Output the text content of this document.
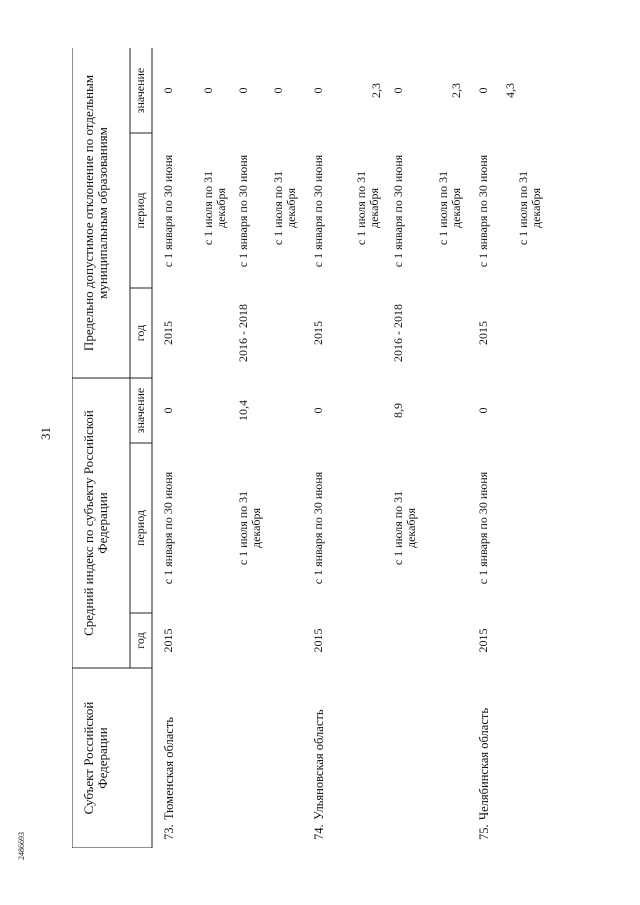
31
2486693
Субъект Российской Федерации
Средний индекс по субъекту Российской Федерации
Предельно допустимое отклонение по отдельным муниципальным образованиям
год
период
значение
год
период
значение
73.
Тюменская область
2015
с 1 января по 30 июня
0
с 1 июля по 31 декабря
10,4
2015
с 1 января по 30 июня
0
с 1 июля по 31 декабря
0
2016 - 2018
с 1 января по 30 июня
0
с 1 июля по 31 декабря
0
74.
Ульяновская область
2015
с 1 января по 30 июня
0
с 1 июля по 31 декабря
8,9
2015
с 1 января по 30 июня
0
с 1 июля по 31 декабря
2,3
2016 - 2018
с 1 января по 30 июня
0
с 1 июля по 31 декабря
2,3
75.
Челябинская область
2015
с 1 января по 30 июня
0
2015
с 1 января по 30 июня
0
с 1 июля по 31 декабря
4,3
